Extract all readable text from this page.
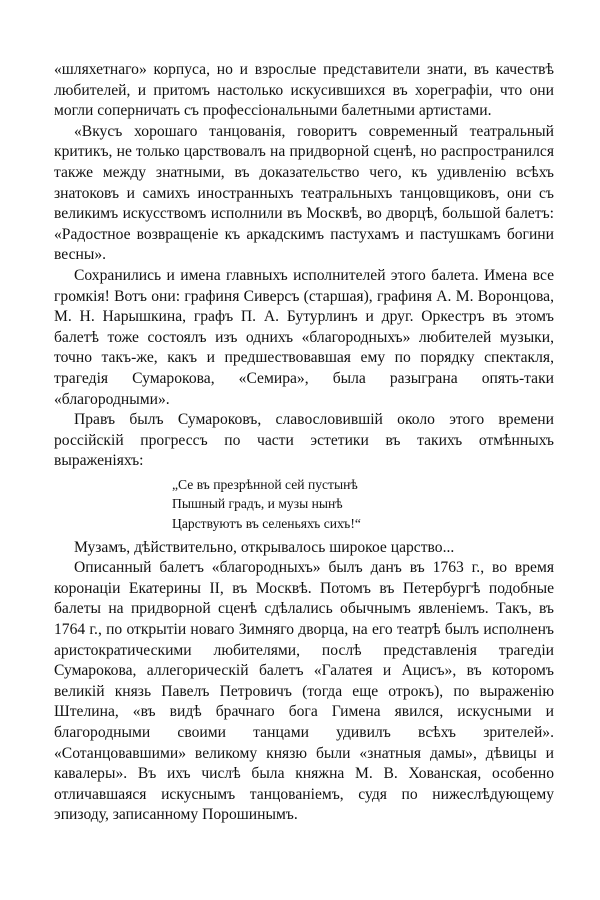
«шляхетнаго» корпуса, но и взрослые представители знати, въ качествѣ любителей, и притомъ настолько искусившихся въ хореграфіи, что они могли соперничать съ профессіональными балетными артистами.

«Вкусъ хорошаго танцованія, говоритъ современный театральный критикъ, не только царствовалъ на придворной сценѣ, но распространился также между знатными, въ доказательство чего, къ удивленію всѣхъ знатоковъ и самихъ иностранныхъ театральныхъ танцовщиковъ, они съ великимъ искусствомъ исполнили въ Москвѣ, во дворцѣ, большой балетъ: «Радостное возвращеніе къ аркадскимъ пастухамъ и пастушкамъ богини весны».

Сохранились и имена главныхъ исполнителей этого балета. Имена все громкія! Вотъ они: графиня Сиверсъ (старшая), графиня А. М. Воронцова, М. Н. Нарышкина, графъ П. А. Бутурлинъ и друг. Оркестръ въ этомъ балетѣ тоже состоялъ изъ однихъ «благородныхъ» любителей музыки, точно такъ-же, какъ и предшествовавшая ему по порядку спектакля, трагедія Сумарокова, «Семира», была разыграна опять-таки «благородными».

Правъ былъ Сумароковъ, славословившій около этого времени россійскій прогрессъ по части эстетики въ такихъ отмѣнныхъ выраженіяхъ:

„Се въ презрѣнной сей пустынѣ
Пышный градъ, и музы нынѣ
Царствуютъ въ селеньяхъ сихъ!“

Музамъ, дѣйствительно, открывалось широкое царство...

Описанный балетъ «благородныхъ» былъ данъ въ 1763 г., во время коронаціи Екатерины II, въ Москвѣ. Потомъ въ Петербургѣ подобные балеты на придворной сценѣ сдѣлались обычнымъ явленіемъ. Такъ, въ 1764 г., по открытіи новаго Зимняго дворца, на его театрѣ былъ исполненъ аристократическими любителями, послѣ представленія трагедіи Сумарокова, аллегорическій балетъ «Галатея и Ацисъ», въ которомъ великій князь Павелъ Петровичъ (тогда еще отрокъ), по выраженію Штелина, «въ видѣ брачнаго бога Гимена явился, искусными и благородными своими танцами удивилъ всѣхъ зрителей». «Сотанцовавшими» великому князю были «знатныя дамы», дѣвицы и кавалеры». Въ ихъ числѣ была княжна М. В. Хованская, особенно отличавшаяся искуснымъ танцованіемъ, судя по нижеслѣдующему эпизоду, записанному Порошинымъ.
